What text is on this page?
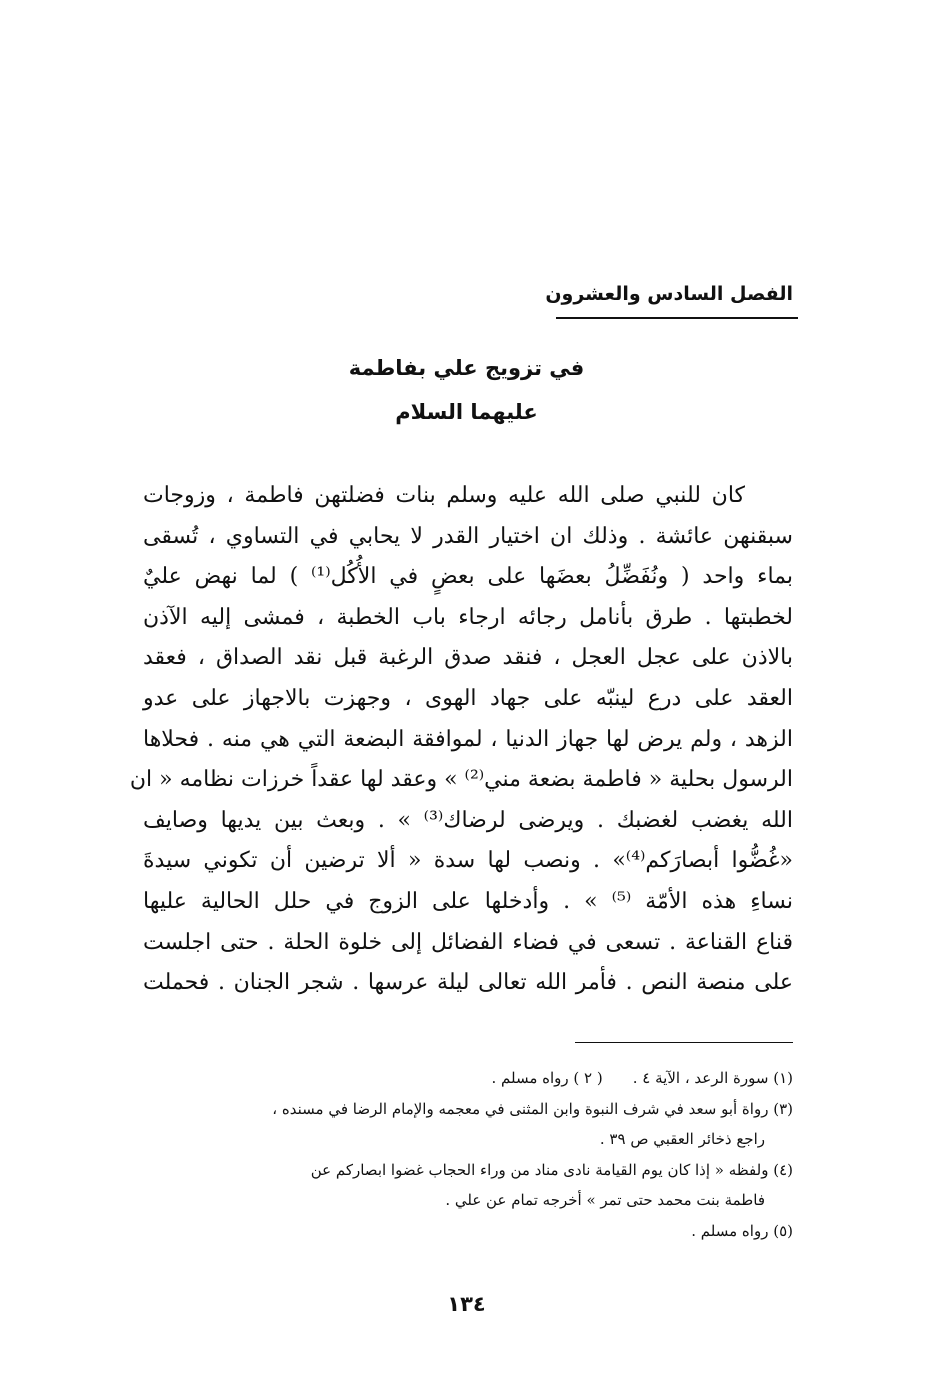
الفصل السادس والعشرون
في تزويج علي بفاطمة
عليهما السلام
كان للنبي صلى الله عليه وسلم بنات فضلتهن فاطمة ، وزوجات
سبقنهن عائشة . وذلك ان اختيار القدر لا يحابي في التساوي ، تُسقى
بماء واحد ( ونُفَضِّلُ بعضَها على بعضٍ في الأُكُل⁽¹⁾ ) لما نهض عليٌ
لخطبتها . طرق بأنامل رجائه ارجاء باب الخطبة ، فمشى إليه الآذن
بالاذن على عجل العجل ، فنقد صدق الرغبة قبل نقد الصداق ، فعقد
العقد على درع لينبّه على جهاد الهوى ، وجهزت بالاجهاز على عدو
الزهد ، ولم يرض لها جهاز الدنيا ، لموافقة البضعة التي هي منه . فحلاها
الرسول بحلية « فاطمة بضعة مني⁽²⁾ » وعقد لها عقداً خرزات نظامه « ان
الله يغضب لغضبك . ويرضى لرضاك⁽³⁾ » . وبعث بين يديها وصايف
«غُضُّوا أبصارَكم⁽⁴⁾» . ونصب لها سدة « ألا ترضين أن تكوني سيدةَ
نساءِ هذه الأمّة ⁽⁵⁾ » . وأدخلها على الزوج في حلل الحالية عليها
قناع القناعة . تسعى في فضاء الفضائل إلى خلوة الحلة . حتى اجلست
على منصة النص . فأمر الله تعالى ليلة عرسها . شجر الجنان . فحملت
(١) سورة الرعد ، الآية ٤ .
( ٢ ) رواه مسلم .
(٣) رواة أبو سعد في شرف النبوة وابن المثنى في معجمه والإمام الرضا في مسنده ،
راجع ذخائر العقبي ص ٣٩ .
(٤) ولفظه « إذا كان يوم القيامة نادى مناد من وراء الحجاب غضوا ابصاركم عن
فاطمة بنت محمد حتى تمر » أخرجه تمام عن علي .
(٥) رواه مسلم .
١٣٤
